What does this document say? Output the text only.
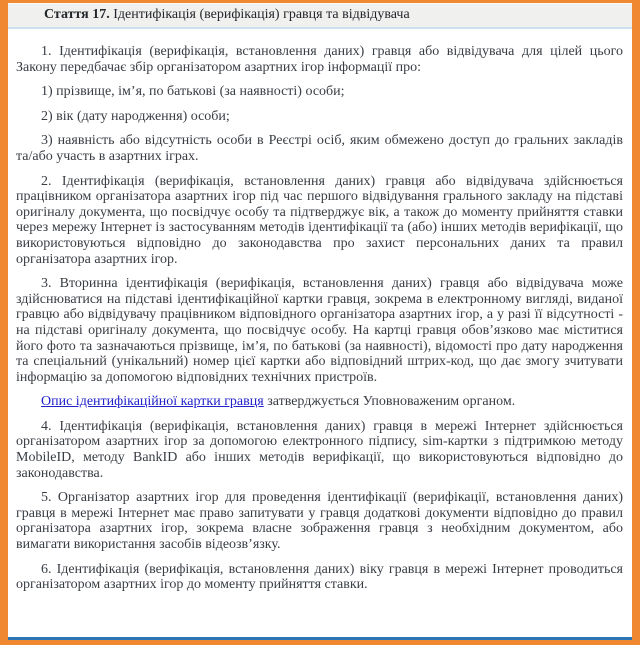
Стаття 17. Ідентифікація (верифікація) гравця та відвідувача

1. Ідентифікація (верифікація, встановлення даних) гравця або відвідувача для цілей цього Закону передбачає збір організатором азартних ігор інформації про:

1) прізвище, ім’я, по батькові (за наявності) особи;

2) вік (дату народження) особи;

3) наявність або відсутність особи в Реєстрі осіб, яким обмежено доступ до гральних закладів та/або участь в азартних іграх.

2. Ідентифікація (верифікація, встановлення даних) гравця або відвідувача здійснюється працівником організатора азартних ігор під час першого відвідування грального закладу на підставі оригіналу документа, що посвідчує особу та підтверджує вік, а також до моменту прийняття ставки через мережу Інтернет із застосуванням методів ідентифікації та (або) інших методів верифікації, що використовуються відповідно до законодавства про захист персональних даних та правил організатора азартних ігор.

3. Вторинна ідентифікація (верифікація, встановлення даних) гравця або відвідувача може здійснюватися на підставі ідентифікаційної картки гравця, зокрема в електронному вигляді, виданої гравцю або відвідувачу працівником відповідного організатора азартних ігор, а у разі її відсутності - на підставі оригіналу документа, що посвідчує особу. На картці гравця обов’язково має міститися його фото та зазначаються прізвище, ім’я, по батькові (за наявності), відомості про дату народження та спеціальний (унікальний) номер цієї картки або відповідний штрих-код, що дає змогу зчитувати інформацію за допомогою відповідних технічних пристроїв.

Опис ідентифікаційної картки гравця затверджується Уповноваженим органом.

4. Ідентифікація (верифікація, встановлення даних) гравця в мережі Інтернет здійснюється організатором азартних ігор за допомогою електронного підпису, sim-картки з підтримкою методу MobileID, методу BankID або інших методів верифікації, що використовуються відповідно до законодавства.

5. Організатор азартних ігор для проведення ідентифікації (верифікації, встановлення даних) гравця в мережі Інтернет має право запитувати у гравця додаткові документи відповідно до правил організатора азартних ігор, зокрема власне зображення гравця з необхідним документом, або вимагати використання засобів відеозв’язку.

6. Ідентифікація (верифікація, встановлення даних) віку гравця в мережі Інтернет проводиться організатором азартних ігор до моменту прийняття ставки.
